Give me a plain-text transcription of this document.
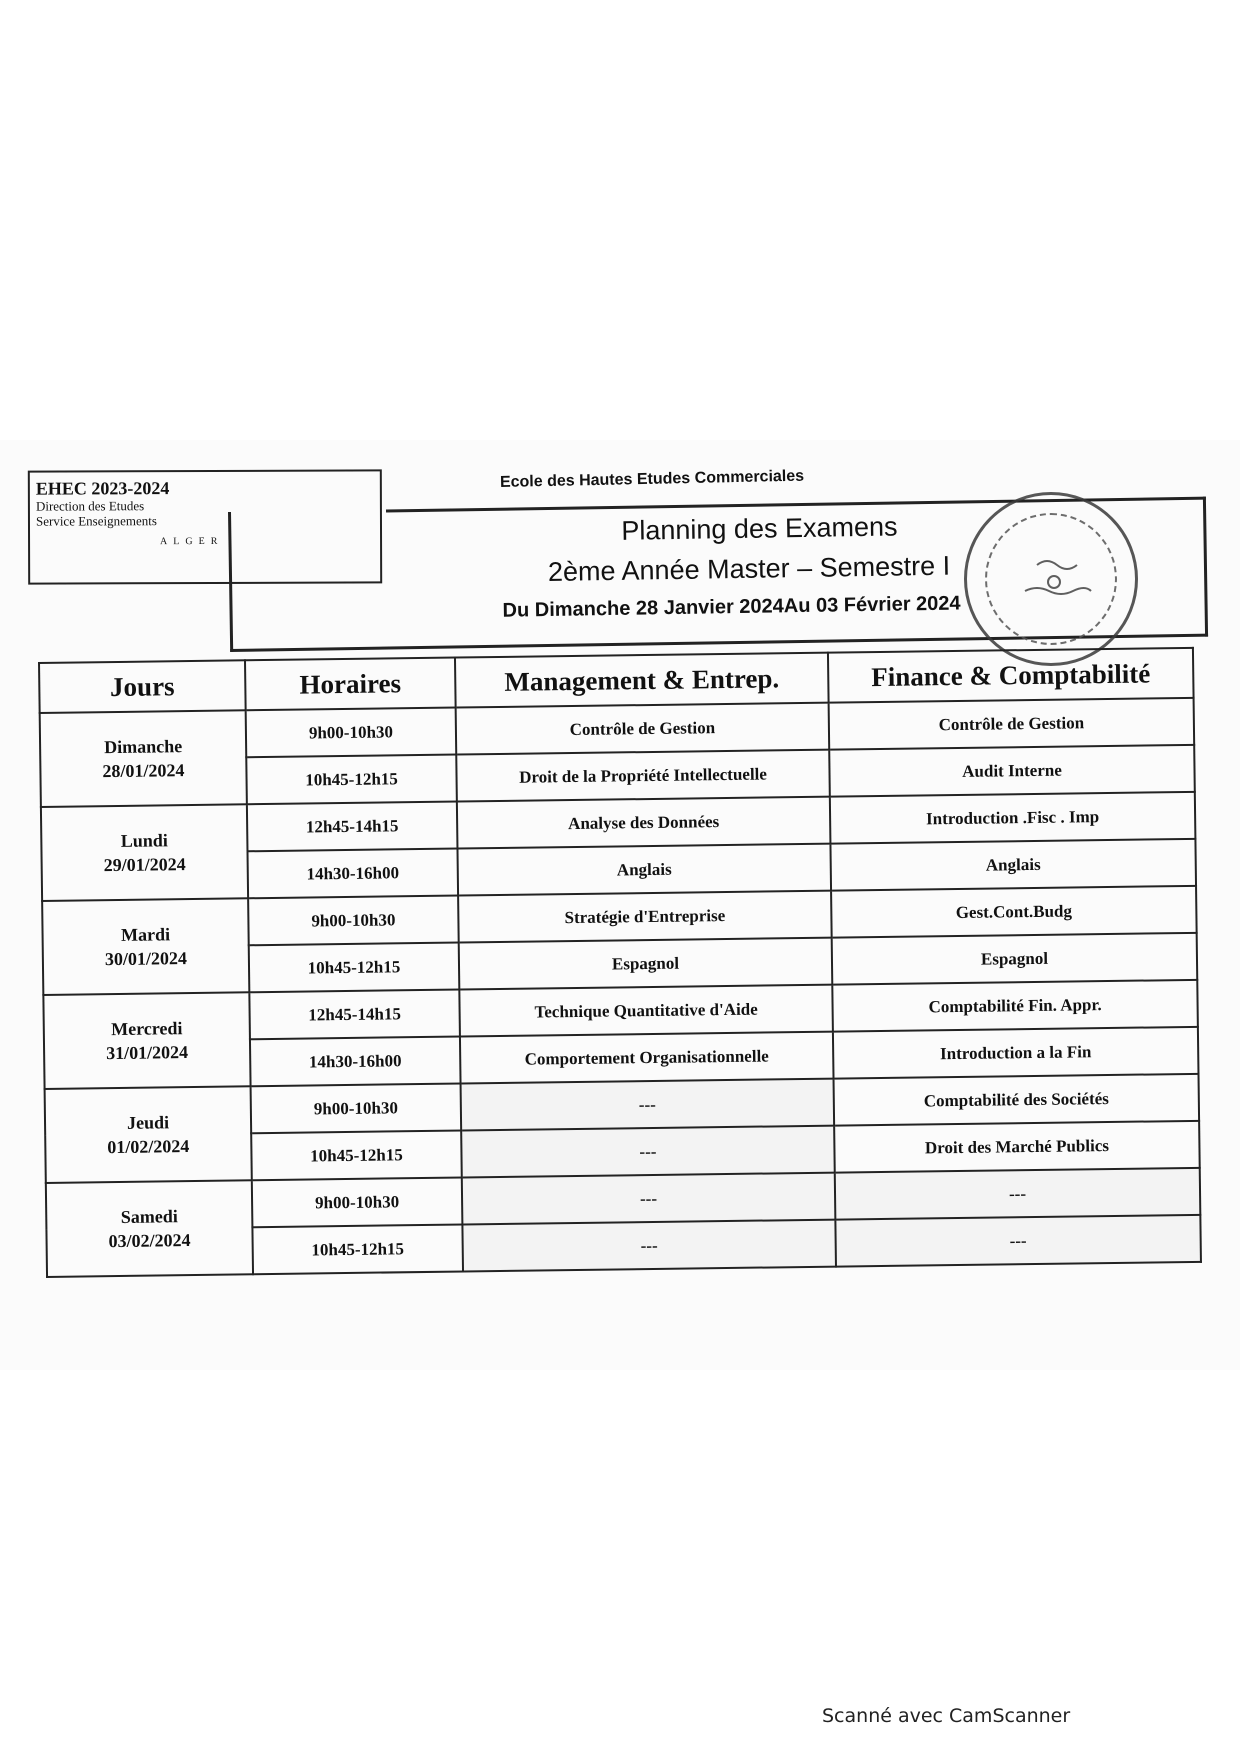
EHEC 2023-2024
Direction des Etudes
Service Enseignements
ALGER
Ecole des Hautes Etudes Commerciales
Planning des Examens
2ème Année Master – Semestre I
Du Dimanche 28 Janvier 2024Au 03 Février 2024
Jours	Horaires	Management & Entrep.	Finance & Comptabilité

Dimanche
28/01/2024	9h00-10h30	Contrôle de Gestion	Contrôle de Gestion
	10h45-12h15	Droit de la Propriété Intellectuelle	Audit Interne

Lundi
29/01/2024	12h45-14h15	Analyse des Données	Introduction .Fisc . Imp
	14h30-16h00	Anglais	Anglais

Mardi
30/01/2024	9h00-10h30	Stratégie d'Entreprise	Gest.Cont.Budg
	10h45-12h15	Espagnol	Espagnol

Mercredi
31/01/2024	12h45-14h15	Technique Quantitative d'Aide	Comptabilité Fin. Appr.
	14h30-16h00	Comportement Organisationnelle	Introduction a la Fin

Jeudi
01/02/2024	9h00-10h30	---	Comptabilité des Sociétés
	10h45-12h15	---	Droit des Marché Publics

Samedi
03/02/2024	9h00-10h30	---	---
	10h45-12h15	---	---
Scanné avec CamScanner
